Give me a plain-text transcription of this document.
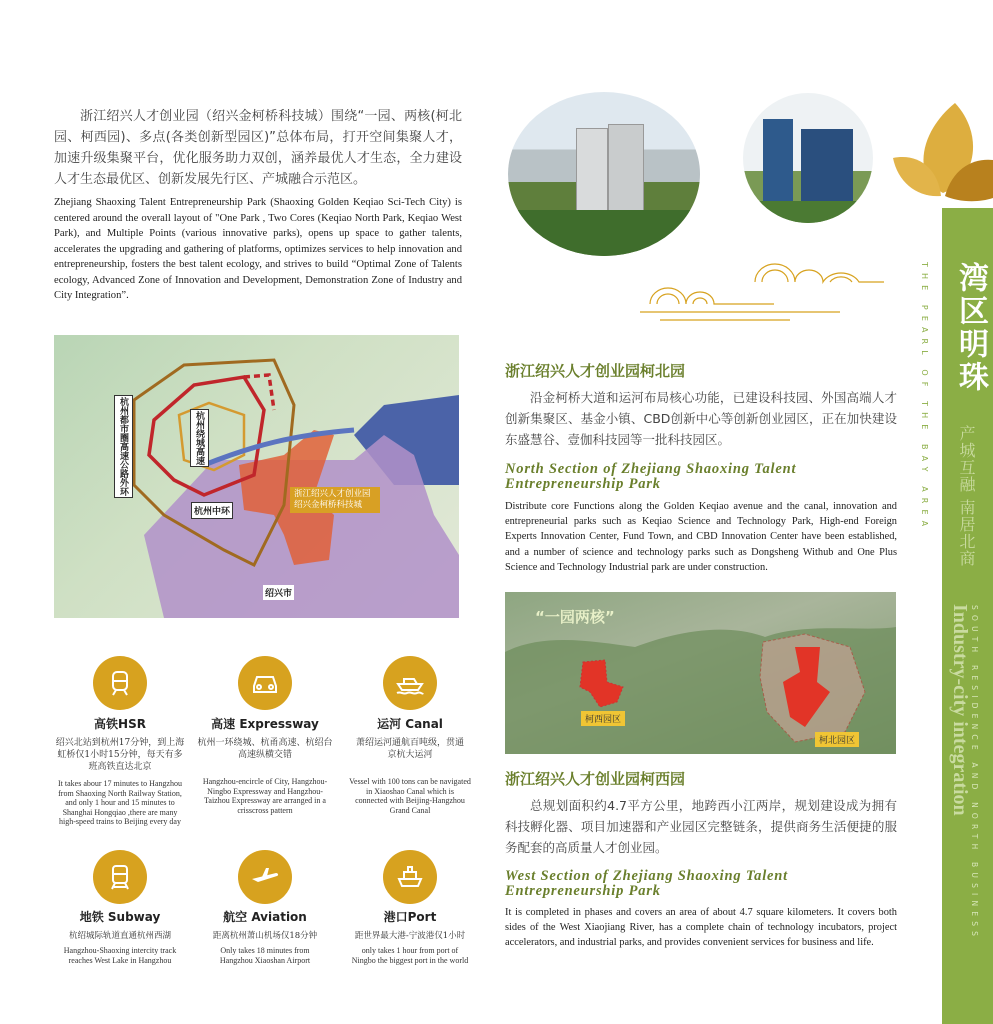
浙江绍兴人才创业园（绍兴金柯桥科技城）围绕“一园、两核(柯北园、柯西园)、多点(各类创新型园区)”总体布局，打开空间集聚人才，加速升级集聚平台，优化服务助力双创，涵养最优人才生态，全力建设人才生态最优区、创新发展先行区、产城融合示范区。
Zhejiang Shaoxing Talent Entrepreneurship Park (Shaoxing Golden Keqiao Sci-Tech City) is centered around the overall layout of "One Park , Two Cores (Keqiao North Park, Keqiao West Park), and Multiple Points (various innovative parks), opens up space to gather talents, accelerates the upgrading and gathering of platforms, optimizes services to help innovation and entrepreneurship, fosters the best talent ecology, and strives to build “Optimal Zone of Talents ecology, Advanced Zone of Innovation and Development, Demonstration Zone of Industry and City Integration”.	THE PEARL OF THE BAY AREA 湾区明珠
产城互融 南居北商
Industry-city integration SOUTH RESIDENCE AND NORTH BUSINESS
杭州都市圈高速公路外环	杭州绕城高速
杭州中环
浙江绍兴人才创业园 绍兴金柯桥科技城
绍兴市
高铁HSR
绍兴北站到杭州17分钟，到上海虹桥仅1小时15分钟，每天有多班高铁直达北京
It takes abour 17 minutes to Hangzhou from Shaoxing North Railway Station, and only 1 hour and 15 minutes to Shanghai Hongqiao ,there are many high-speed trains to Beijing every day
高速 Expressway
杭州一环绕城、杭甬高速、杭绍台高速纵横交错
Hangzhou-encircle of City, Hangzhou-Ningbo Expressway and Hangzhou-Taizhou Expressway are arranged in a crisscross pattern
运河 Canal
萧绍运河通航百吨级，贯通京杭大运河
Vessel with 100 tons can be navigated in Xiaoshao Canal which is connected with Beijing-Hangzhou Grand Canal
地铁 Subway
杭绍城际轨道直通杭州西湖
Hangzhou-Shaoxing intercity track reaches West Lake in Hangzhou
航空 Aviation
距离杭州萧山机场仅18分钟
Only takes 18 minutes from Hangzhou Xiaoshan Airport
港口Port
距世界最大港-宁波港仅1小时
only takes 1 hour from port of Ningbo the biggest port in the world
浙江绍兴人才创业园柯北园
沿金柯桥大道和运河布局核心功能，已建设科技园、外国高端人才创新集聚区、基金小镇、CBD创新中心等创新创业园区，正在加快建设东盛慧谷、壹伽科技园等一批科技园区。
North Section of Zhejiang Shaoxing Talent
Entrepreneurship Park
Distribute core Functions along the Golden Keqiao avenue and the canal, innovation and entrepreneurial parks such as Keqiao Science and Technology Park, High-end Foreign Experts Innovation Center, Fund Town, and CBD Innovation Center have been established, and a number of science and technology parks such as Dongsheng Withub and One Plus Science and Technology Industrial park are under construction.
“一园两核”
柯西园区
柯北园区
浙江绍兴人才创业园柯西园
总规划面积约4.7平方公里，地跨西小江两岸，规划建设成为拥有科技孵化器、项目加速器和产业园区完整链条，提供商务生活便捷的服务配套的高质量人才创业园。
West Section of Zhejiang Shaoxing Talent
Entrepreneurship Park
It is completed in phases and covers an area of about 4.7 square kilometers. It covers both sides of the West Xiaojiang River, has a complete chain of technology incubators, project accelerators, and industrial parks, and provides convenient services for business and life.
